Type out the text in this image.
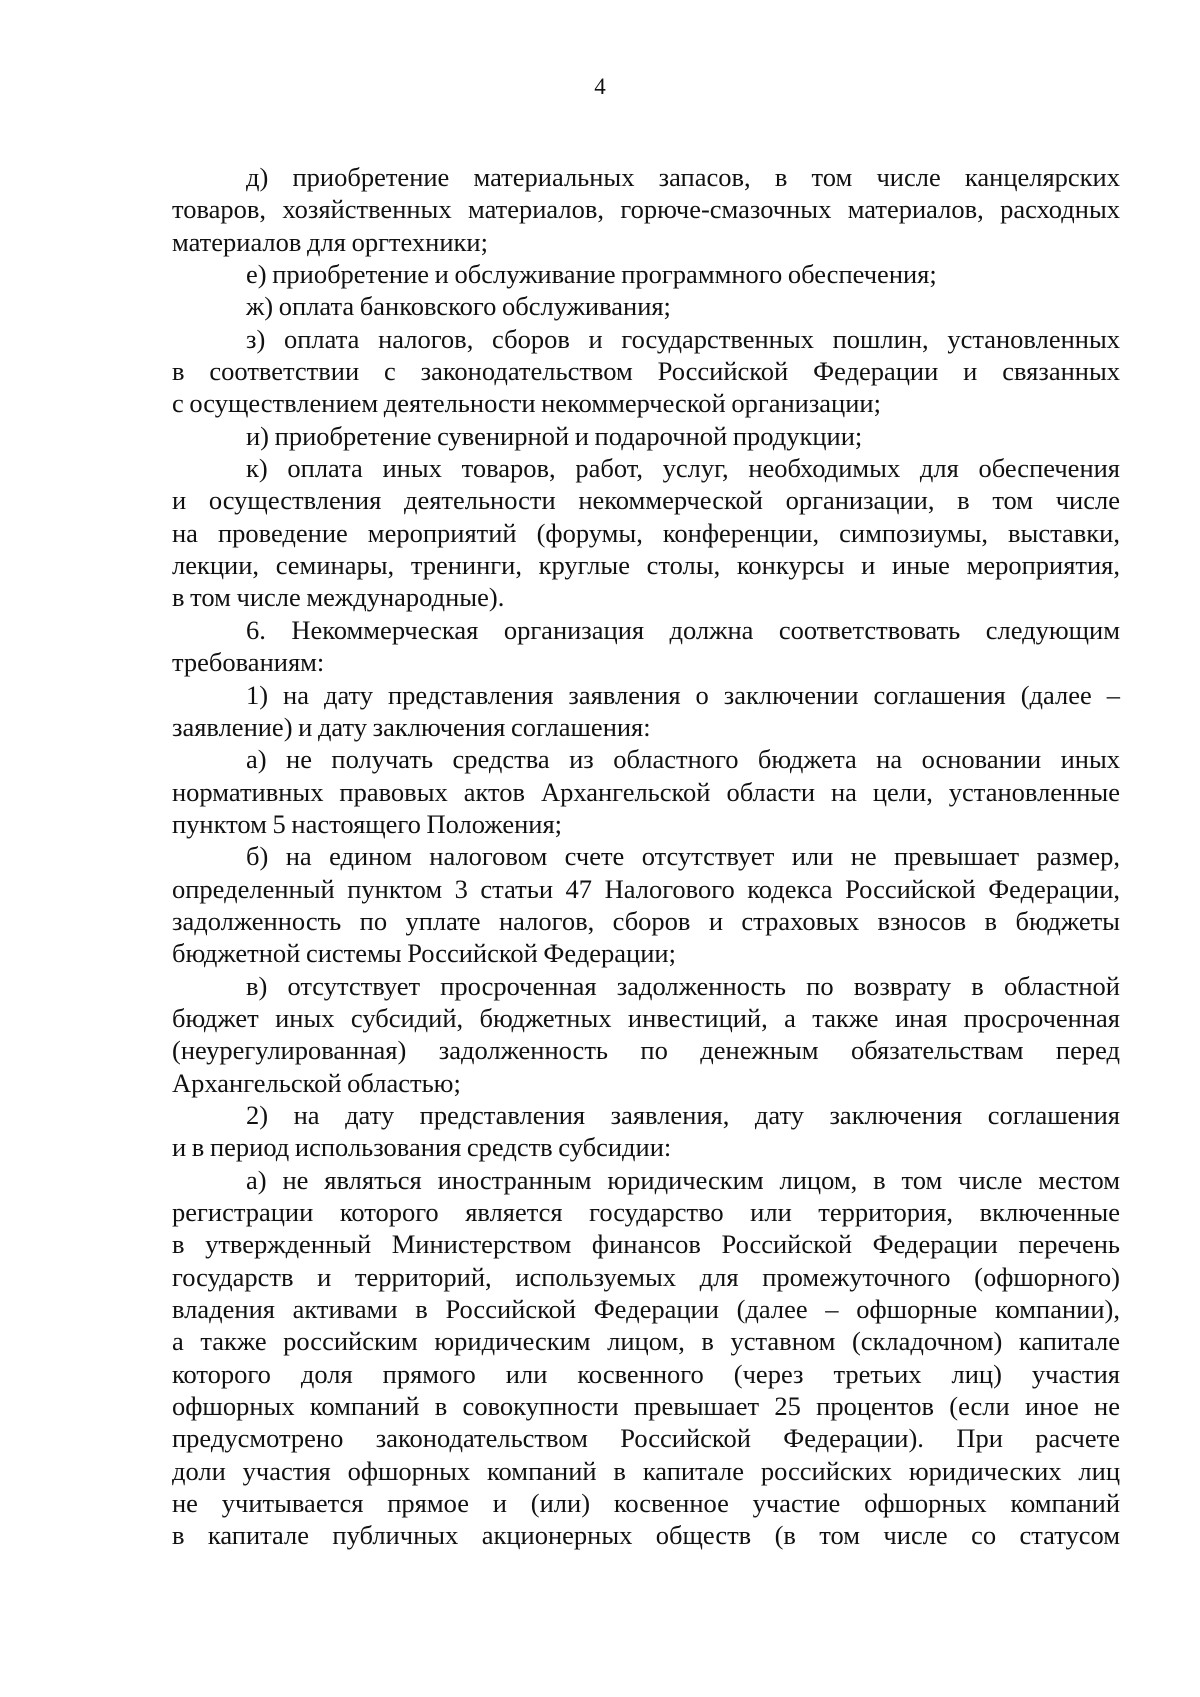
4
д) приобретение материальных запасов, в том числе канцелярских
товаров, хозяйственных материалов, горюче-смазочных материалов, расходных
материалов для оргтехники;
е) приобретение и обслуживание программного обеспечения;
ж) оплата банковского обслуживания;
з) оплата налогов, сборов и государственных пошлин, установленных
в соответствии с законодательством Российской Федерации и связанных
с осуществлением деятельности некоммерческой организации;
и) приобретение сувенирной и подарочной продукции;
к) оплата иных товаров, работ, услуг, необходимых для обеспечения
и осуществления деятельности некоммерческой организации, в том числе
на проведение мероприятий (форумы, конференции, симпозиумы, выставки,
лекции, семинары, тренинги, круглые столы, конкурсы и иные мероприятия,
в том числе международные).
6. Некоммерческая организация должна соответствовать следующим
требованиям:
1) на дату представления заявления о заключении соглашения (далее –
заявление) и дату заключения соглашения:
а) не получать средства из областного бюджета на основании иных
нормативных правовых актов Архангельской области на цели, установленные
пунктом 5 настоящего Положения;
б) на едином налоговом счете отсутствует или не превышает размер,
определенный пунктом 3 статьи 47 Налогового кодекса Российской Федерации,
задолженность по уплате налогов, сборов и страховых взносов в бюджеты
бюджетной системы Российской Федерации;
в) отсутствует просроченная задолженность по возврату в областной
бюджет иных субсидий, бюджетных инвестиций, а также иная просроченная
(неурегулированная) задолженность по денежным обязательствам перед
Архангельской областью;
2) на дату представления заявления, дату заключения соглашения
и в период использования средств субсидии:
а) не являться иностранным юридическим лицом, в том числе местом
регистрации которого является государство или территория, включенные
в утвержденный Министерством финансов Российской Федерации перечень
государств и территорий, используемых для промежуточного (офшорного)
владения активами в Российской Федерации (далее – офшорные компании),
а также российским юридическим лицом, в уставном (складочном) капитале
которого доля прямого или косвенного (через третьих лиц) участия
офшорных компаний в совокупности превышает 25 процентов (если иное не
предусмотрено законодательством Российской Федерации). При расчете
доли участия офшорных компаний в капитале российских юридических лиц
не учитывается прямое и (или) косвенное участие офшорных компаний
в капитале публичных акционерных обществ (в том числе со статусом
